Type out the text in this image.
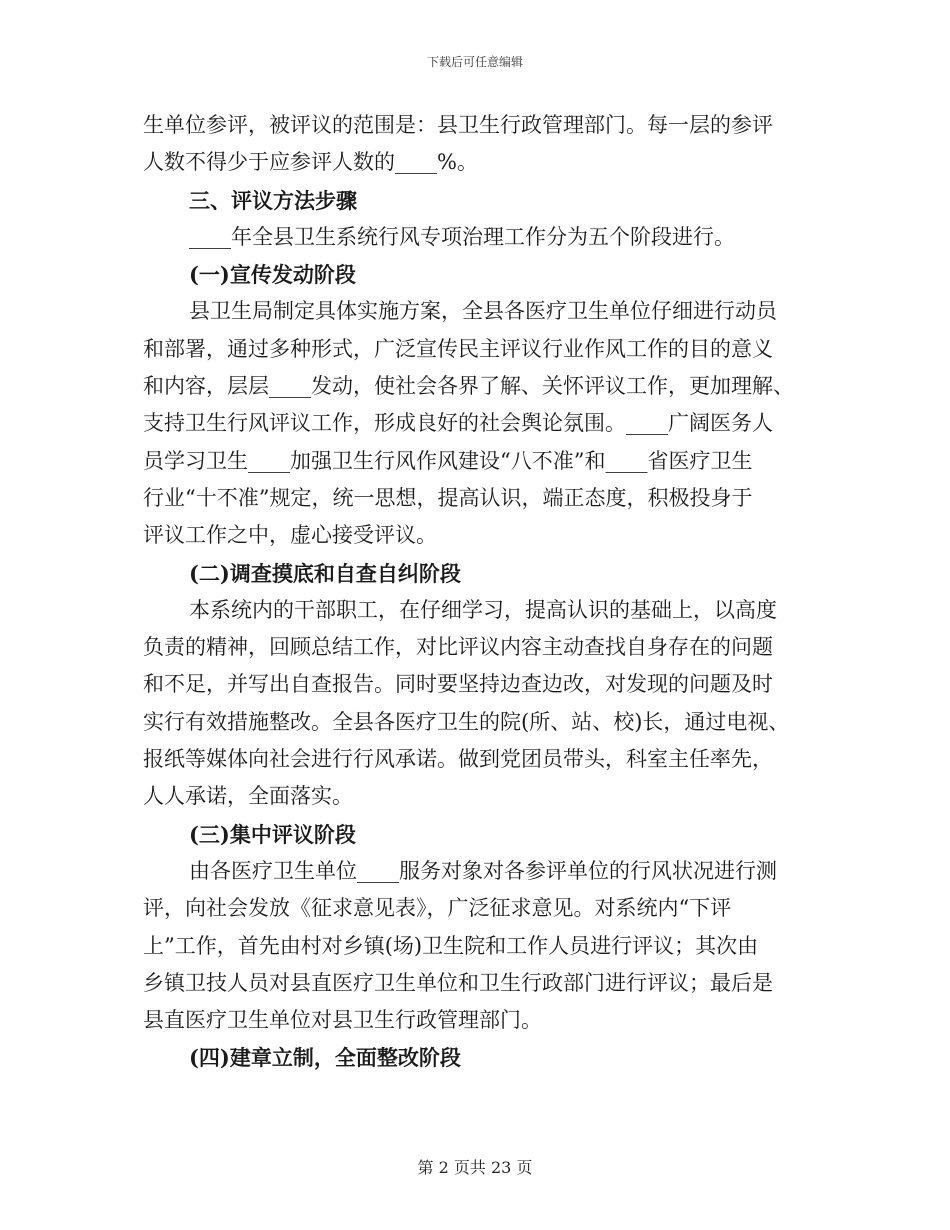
下载后可任意编辑
生单位参评，被评议的范围是：县卫生行政管理部门。每一层的参评
人数不得少于应参评人数的____%。
三、评议方法步骤
____年全县卫生系统行风专项治理工作分为五个阶段进行。
(一)宣传发动阶段
县卫生局制定具体实施方案，全县各医疗卫生单位仔细进行动员
和部署，通过多种形式，广泛宣传民主评议行业作风工作的目的意义
和内容，层层____发动，使社会各界了解、关怀评议工作，更加理解、
支持卫生行风评议工作，形成良好的社会舆论氛围。____广阔医务人
员学习卫生____加强卫生行风作风建设“八不准”和____省医疗卫生
行业“十不准”规定，统一思想，提高认识，端正态度，积极投身于
评议工作之中，虚心接受评议。
(二)调查摸底和自查自纠阶段
本系统内的干部职工，在仔细学习，提高认识的基础上，以高度
负责的精神，回顾总结工作，对比评议内容主动查找自身存在的问题
和不足，并写出自查报告。同时要坚持边查边改，对发现的问题及时
实行有效措施整改。全县各医疗卫生的院(所、站、校)长，通过电视、
报纸等媒体向社会进行行风承诺。做到党团员带头，科室主任率先，
人人承诺，全面落实。
(三)集中评议阶段
由各医疗卫生单位____服务对象对各参评单位的行风状况进行测
评，向社会发放《征求意见表》，广泛征求意见。对系统内“下评
上”工作，首先由村对乡镇(场)卫生院和工作人员进行评议；其次由
乡镇卫技人员对县直医疗卫生单位和卫生行政部门进行评议；最后是
县直医疗卫生单位对县卫生行政管理部门。
(四)建章立制，全面整改阶段
第 2 页共 23 页
